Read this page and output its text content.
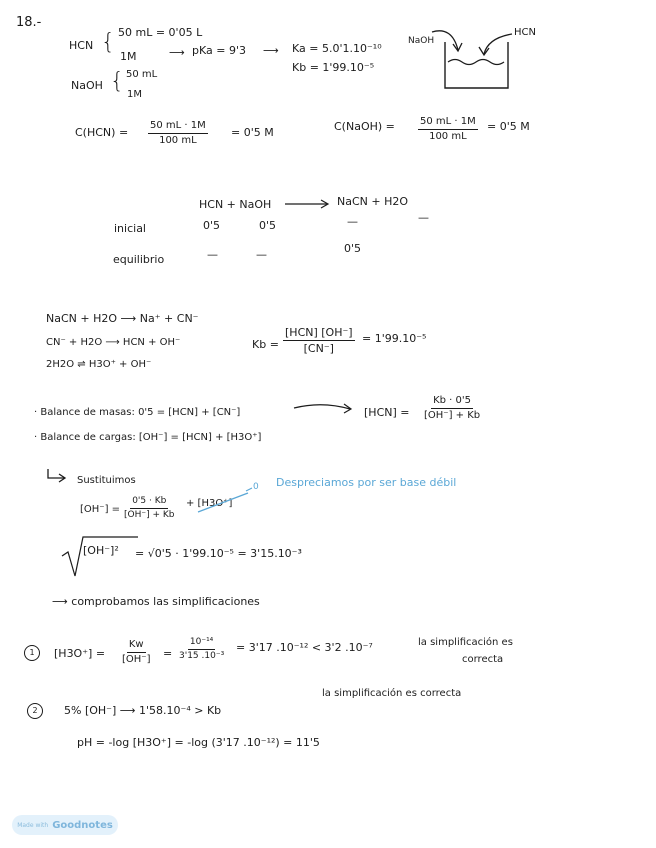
18.-
HCN { 50 mL = 0'05 L
1M	⟶ pKa = 9'3 ⟶ Ka = 5.0'1.10⁻¹⁰
Kb = 1'99.10⁻⁵
NaOH { 50 mL
1M
NaOH
HCN
$C(HCN) = \frac{50 mL \cdot 1M}{100 mL} = 0'5$ M	C(NaOH) = $\frac{50 mL \cdot 1M}{100 mL} = 0'5$ M
HCN + NaOH	NaCN + H2O
inicial	0'5	0'5	—	—
equilibrio	—	—	0'5
NaCN + H2O ⟶ Na⁺ + CN⁻
CN⁻ + H2O ⟶ HCN + OH⁻
2H2O ⇌ H3O⁺ + OH⁻
Kb =
[HCN] [OH⁻]
[CN⁻]
= 1'99.10⁻⁵
· Balance de masas: 0'5 = [HCN] + [CN⁻]
· Balance de cargas: [OH⁻] = [HCN] + [H3O⁺]
$[HCN] = \frac{Kb \cdot 0'5}{[OH^-] + Kb}$
Sustituimos
$[OH^-] = \frac{0'5 \cdot Kb}{[OH^-] + Kb} + [H3O^+]$
0 Despreciamos por ser base débil
[OH⁻]² = √0'5 · 1'99.10⁻⁵ = 3'15.10⁻³
⟶ comprobamos las simplificaciones
1	$[H3O^+] = \frac{Kw}{[OH^-]} = \frac{\text{10⁻¹⁴}}{\text{3'15 .10⁻³}} = 3'17$ .10⁻¹² < 3'2 .10⁻⁷	la simplificación es
correcta
2	5% [OH⁻] ⟶ 1'58.10⁻⁴ > Kb
la simplificación es correcta
pH = -log [H3O⁺] = -log (3'17 .10⁻¹²) = 11'5
Made with Goodnotes
